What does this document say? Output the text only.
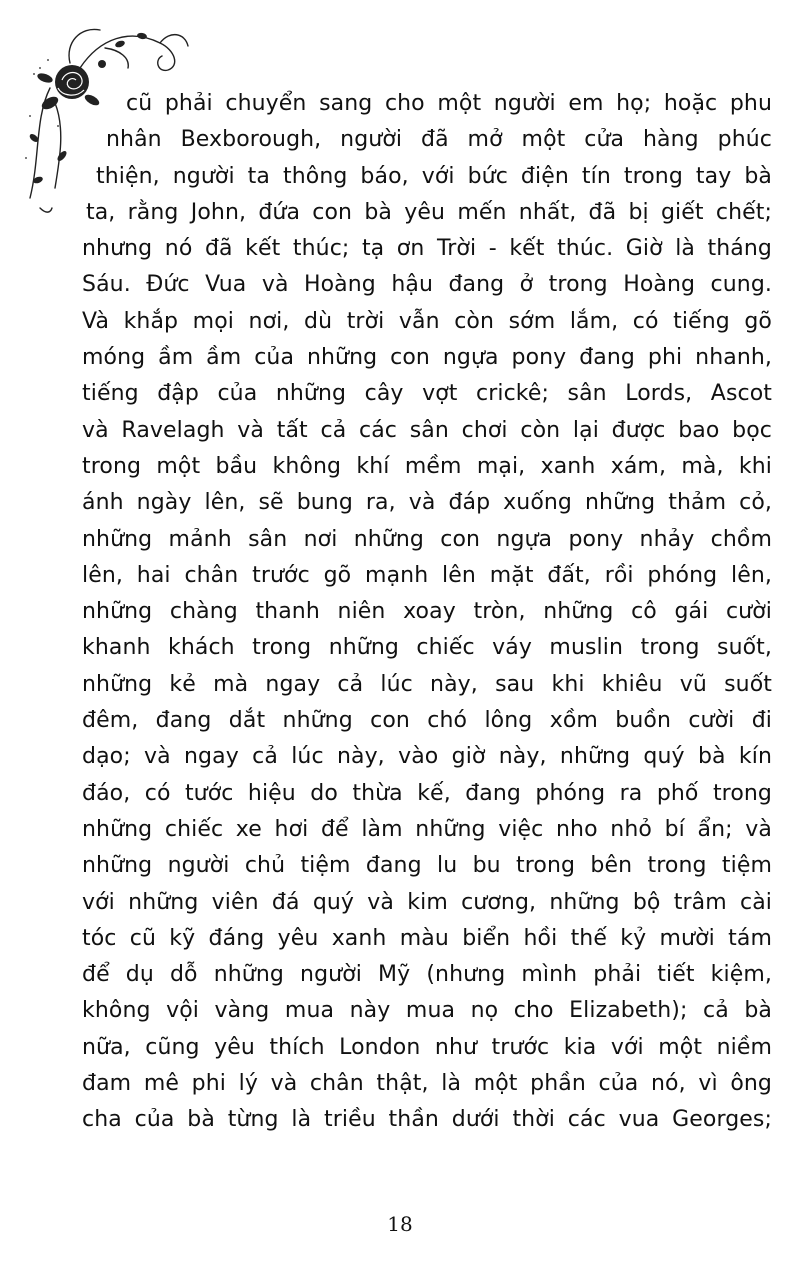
cũ phải chuyển sang cho một người em họ; hoặc phu
nhân Bexborough, người đã mở một cửa hàng phúc
thiện, người ta thông báo, với bức điện tín trong tay bà
ta, rằng John, đứa con bà yêu mến nhất, đã bị giết chết;
nhưng nó đã kết thúc; tạ ơn Trời - kết thúc. Giờ là tháng
Sáu. Đức Vua và Hoàng hậu đang ở trong Hoàng cung.
Và khắp mọi nơi, dù trời vẫn còn sớm lắm, có tiếng gõ
móng ầm ầm của những con ngựa pony đang phi nhanh,
tiếng đập của những cây vợt crickê; sân Lords, Ascot
và Ravelagh và tất cả các sân chơi còn lại được bao bọc
trong một bầu không khí mềm mại, xanh xám, mà, khi
ánh ngày lên, sẽ bung ra, và đáp xuống những thảm cỏ,
những mảnh sân nơi những con ngựa pony nhảy chồm
lên, hai chân trước gõ mạnh lên mặt đất, rồi phóng lên,
những chàng thanh niên xoay tròn, những cô gái cười
khanh khách trong những chiếc váy muslin trong suốt,
những kẻ mà ngay cả lúc này, sau khi khiêu vũ suốt
đêm, đang dắt những con chó lông xồm buồn cười đi
dạo; và ngay cả lúc này, vào giờ này, những quý bà kín
đáo, có tước hiệu do thừa kế, đang phóng ra phố trong
những chiếc xe hơi để làm những việc nho nhỏ bí ẩn; và
những người chủ tiệm đang lu bu trong bên trong tiệm
với những viên đá quý và kim cương, những bộ trâm cài
tóc cũ kỹ đáng yêu xanh màu biển hồi thế kỷ mười tám
để dụ dỗ những người Mỹ (nhưng mình phải tiết kiệm,
không vội vàng mua này mua nọ cho Elizabeth); cả bà
nữa, cũng yêu thích London như trước kia với một niềm
đam mê phi lý và chân thật, là một phần của nó, vì ông
cha của bà từng là triều thần dưới thời các vua Georges;
18
